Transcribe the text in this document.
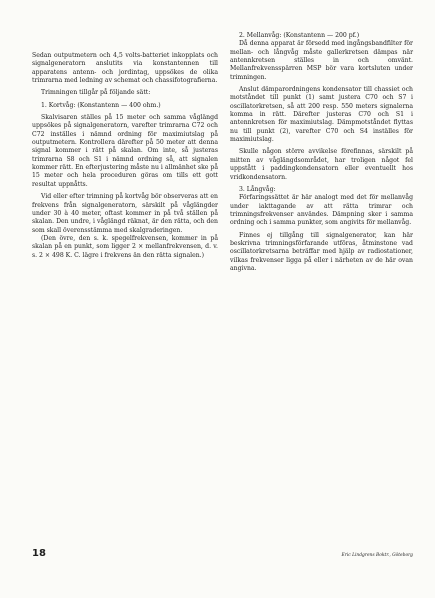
Sedan outputmetern och 4,5 volts-batteriet inkopplats och signalgeneratorn anslutits via konstantennen till apparatens antenn- och jordintag, uppsökes de olika trimrarna med ledning av schemat och chassifotografierna.

Trimningen tillgår på följande sätt:

1. Kortvåg: (Konstantenn — 400 ohm.)

Skalvisaren ställes på 15 meter och samma våglängd uppsökes på signalgeneratorn, varefter trimrarna C72 och C72 inställes i nämnd ordning för maximiutslag på outputmetern. Kontrollera därefter på 50 meter att denna signal kommer i rätt på skalan. Om inte, så justeras trimrarna S8 och S1 i nämnd ordning så, att signalen kommer rätt. En efterjustering måste nu i allmänhet ske på 15 meter och hela proceduren göras om tills ett gott resultat uppnåtts.

Vid eller efter trimning på kortvåg bör observeras att en frekvens från signalgeneratorn, särskilt på våglängder under 30 à 40 meter, oftast kommer in på två ställen på skalan. Den undre, i våglängd räknat, är den rätta, och den som skall överensstämma med skalgraderingen.

(Den övre, den s. k. spegelfrekvensen, kommer in på skalan på en punkt, som ligger 2 × mellanfrekvensen, d. v. s. 2 × 498 K. C. lägre i frekvens än den rätta signalen.)

2. Mellanvåg: (Konstantenn — 200 pf.)

Då denna apparat är försedd med ingångsbandfilter för mellan- och långvåg måste gallerkretsen dämpas när antennkretsen ställes in och omvänt. Mellanfrekvensspärren MSP bör vara kortsluten under trimningen.

Anslut dämparordningens kondensator till chassiet och motståndet till punkt (1) samt justera C70 och S7 i oscillatorkretsen, så att 200 resp. 550 meters signalerna komma in rätt. Därefter justeras C70 och S1 i antennkretsen för maximiutslag. Dämpmotståndet flyttas nu till punkt (2), varefter C70 och S4 inställes för maximiutslag.

Skulle någon större avvikelse förefinnas, särskilt på mitten av våglängdsområdet, har troligen något fel uppstått i paddingkondensatorn eller eventuellt hos vridkondensatorn.

3. Långvåg:

Förfaringssättet är här analogt med det för mellanvåg under iakttagande av att rätta trimrar och trimningsfrekvenser användes. Dämpning sker i samma ordning och i samma punkter, som angivits för mellanvåg.

Finnes ej tillgång till signalgenerator, kan här beskrivna trimningsförfarande utföras, åtminstone vad oscillatorkretsarna beträffar med hjälp av radiostationer, vilkas frekvenser ligga på eller i närheten av de här ovan angivna.

18	Eric Lindgrens Boktr., Göteborg
